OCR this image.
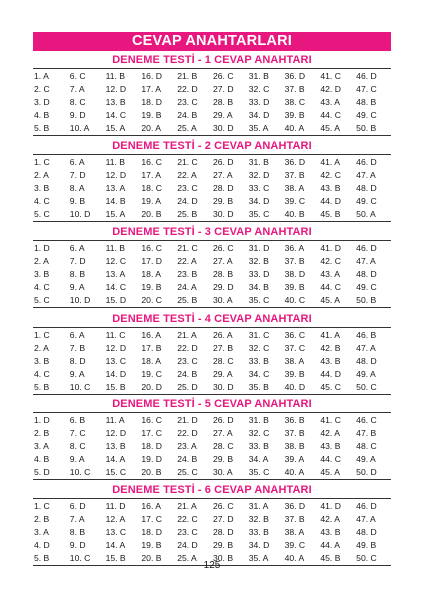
CEVAP ANAHTARLARI
DENEME TESTİ - 1 CEVAP ANAHTARI
1. A	6. C	11. B	16. D	21. B	26. C	31. B	36. D	41. C	46. D
2. C	7. A	12. D	17. A	22. D	27. D	32. C	37. B	42. D	47. C
3. D	8. C	13. B	18. D	23. C	28. B	33. D	38. C	43. A	48. B
4. B	9. D	14. C	19. B	24. B	29. A	34. D	39. B	44. C	49. C
5. B	10. A	15. A	20. A	25. A	30. D	35. A	40. A	45. A	50. B
DENEME TESTİ - 2 CEVAP ANAHTARI
1. C	6. A	11. B	16. C	21. C	26. D	31. B	36. D	41. A	46. D
2. A	7. D	12. D	17. A	22. A	27. A	32. D	37. B	42. C	47. A
3. B	8. A	13. A	18. C	23. C	28. D	33. C	38. A	43. B	48. D
4. C	9. B	14. B	19. A	24. D	29. B	34. D	39. C	44. D	49. C
5. C	10. D	15. A	20. B	25. B	30. D	35. C	40. B	45. B	50. A
DENEME TESTİ - 3 CEVAP ANAHTARI
1. D	6. A	11. B	16. C	21. C	26. C	31. D	36. A	41. D	46. D
2. A	7. D	12. C	17. D	22. A	27. A	32. B	37. B	42. C	47. A
3. B	8. B	13. A	18. A	23. B	28. B	33. D	38. D	43. A	48. D
4. C	9. A	14. C	19. B	24. A	29. D	34. B	39. B	44. C	49. C
5. C	10. D	15. D	20. C	25. B	30. A	35. C	40. C	45. A	50. B
DENEME TESTİ - 4 CEVAP ANAHTARI
1. C	6. A	11. C	16. A	21. A	26. A	31. C	36. C	41. A	46. B
2. A	7. B	12. D	17. B	22. D	27. B	32. C	37. C	42. B	47. A
3. B	8. D	13. C	18. A	23. C	28. C	33. B	38. A	43. B	48. D
4. C	9. A	14. D	19. C	24. B	29. A	34. C	39. B	44. D	49. A
5. B	10. C	15. B	20. D	25. D	30. D	35. B	40. D	45. C	50. C
DENEME TESTİ - 5 CEVAP ANAHTARI
1. D	6. B	11. A	16. C	21. D	26. D	31. B	36. B	41. C	46. C
2. B	7. C	12. D	17. C	22. D	27. A	32. C	37. B	42. A	47. B
3. A	8. C	13. B	18. D	23. A	28. C	33. B	38. B	43. B	48. C
4. B	9. A	14. A	19. D	24. B	29. B	34. A	39. A	44. C	49. A
5. D	10. C	15. C	20. B	25. C	30. A	35. C	40. A	45. A	50. D
DENEME TESTİ - 6 CEVAP ANAHTARI
1. C	6. D	11. D	16. A	21. A	26. C	31. A	36. D	41. D	46. D
2. B	7. A	12. A	17. C	22. C	27. D	32. B	37. B	42. A	47. A
3. A	8. B	13. C	18. D	23. C	28. D	33. B	38. A	43. B	48. D
4. D	9. D	14. A	19. B	24. D	29. B	34. D	39. C	44. A	49. B
5. B	10. C	15. B	20. B	25. A	30. B	35. A	40. A	45. B	50. C
125
